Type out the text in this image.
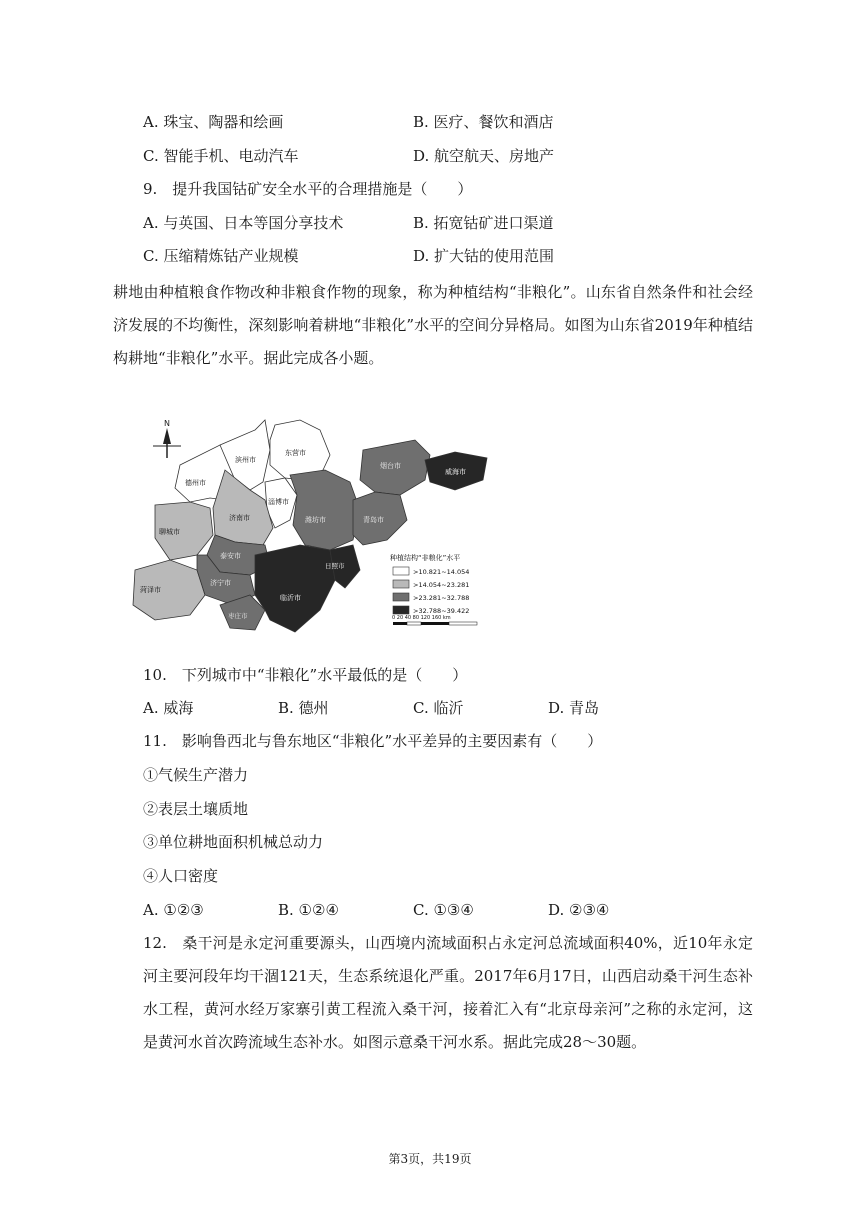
A. 珠宝、陶器和绘画	B. 医疗、餐饮和酒店
C. 智能手机、电动汽车	D. 航空航天、房地产
9.　提升我国钴矿安全水平的合理措施是（　　）
A. 与英国、日本等国分享技术	B. 拓宽钴矿进口渠道
C. 压缩精炼钴产业规模	D. 扩大钴的使用范围
耕地由种植粮食作物改种非粮食作物的现象，称为种植结构“非粮化”。山东省自然条件和社会经济发展的不均衡性，深刻影响着耕地“非粮化”水平的空间分异格局。如图为山东省2019年种植结构耕地“非粮化”水平。据此完成各小题。
N
滨州市
东营市
德州市
淄博市
聊城市
济南市	潍坊市
烟台市
威海市
青岛市
泰安市
济宁市
菏泽市
临沂市
日照市
枣庄市
种植结构“非粮化”水平
>10.821~14.054
>14.054~23.281
>23.281~32.788
>32.788~39.422
0 20 40 80 120 160 km
10.　下列城市中“非粮化”水平最低的是（　　）
A. 威海	B. 德州	C. 临沂	D. 青岛
11.　影响鲁西北与鲁东地区“非粮化”水平差异的主要因素有（　　）
①气候生产潜力
②表层土壤质地
③单位耕地面积机械总动力
④人口密度
A. ①②③	B. ①②④	C. ①③④	D. ②③④
12.　桑干河是永定河重要源头，山西境内流域面积占永定河总流域面积40%，近10年永定河主要河段年均干涸121天，生态系统退化严重。2017年6月17日，山西启动桑干河生态补水工程，黄河水经万家寨引黄工程流入桑干河，接着汇入有“北京母亲河”之称的永定河，这是黄河水首次跨流域生态补水。如图示意桑干河水系。据此完成28～30题。
第3页，共19页
